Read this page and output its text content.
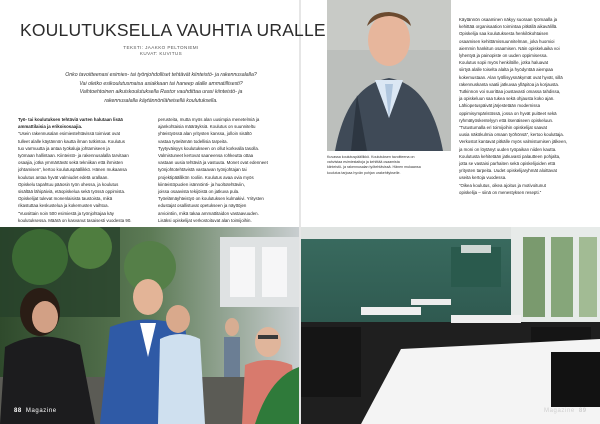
KOULUTUKSELLA VAUHTIA URALLE
TEKSTI: JAAKKO PELTONIEMI
KUVAT: KUVITUS
Onko tavoitteenasi esimies- tai työnjohdolliset tehtävät kiinteistö- ja rakennusalalla?
Vai oletko esikoulutusmaisa asiakkaan tai haneep alalle ammatillisesti?
Vaihtoehtoinen aikuiskoulutuksella Rastor vauhdittaa urasi kiinteistö- ja
rakennusalalla käytännönläheisellä koulutuksella.
Työ- tai koulutuksen tehtäviä varten halutaan lisää
ammattilaisia ja erikoisosaajia.
”Usein rakennusalan esimiestehtävissä toimivat ovat
tulleet alalle käytännön kautta ilman tutkintoa. Koulutus
tuo varmuutta ja antaa työkaluja johtamiseen ja
työmaan hallintaan. Kiinteistö- ja rakennusalalla tarvitaan
osaajia, jotka ymmärtävät sekä tekniikan että ihmisten
johtamisen”, kertoo koulutuspäällikkö. Hänen mukaansa
koulutus antaa hyvät valmiudet edetä urallaan.
Opiskelu tapahtuu pääosin työn ohessa, ja koulutus
sisältää lähipäiviä, etäopiskelua sekä työssä oppimista.
Opiskelijat tulevat monenlaisista taustoista, mikä
rikastuttaa keskustelua ja kokemusten vaihtoa.
”Vuosittain noin 500 esimiestä ja työnjohtajaa käy
koulutuksessa. Määrä on kasvanut tasaisesti vuodesta 90.
perusteita, mutta myös alan uusimpia menetelmiä ja
ajankohtaisia määräyksiä. Koulutus on suunniteltu
yhteistyössä alan yritysten kanssa, jolloin sisältö
vastaa työelämän todellisia tarpeita.
Tyytyväisyys koulutukseen on ollut korkealla tasolla.
Valmistuneet kertovat saaneensa rohkeutta ottaa
vastaan uusia tehtäviä ja vastuuta. Monet ovat edenneet
työnjohtotehtävistä vastaavan työnjohtajan tai
projektipäällikön rooliin. Koulutus avaa ovia myös
kiinteistöpuolen isännöinti- ja huoltotehtäviin,
joissa osaavista tekijöistä on jatkuva pula.
Työelämäyhteistyö on koulutuksen kulmakivi. Yritysten
edustajat osallistuvat opetukseen ja näyttöjen
arviointiin, mikä takaa ammattitaidon vastaavuuden.
Lisäksi opiskelijat verkostoituvat alan toimijoihin.
88 Magazine
Kuvassa koulutuspäällikkö. Koulutuksen tavoitteena on
vahvistaa esimiestaitoja ja kehittää osaamista
kiinteistö- ja rakennusalan työtehtävissä. Hänen mukaansa
koulutus tarjoaa hyvän pohjan urakehitykselle.
Käytännön osaaminen näkyy suoraan työmaalla ja
kehittää organisaation toimintaa pitkällä aikavälillä.
Opiskelija saa koulutuksesta henkilökohtaisen
osaamisen kehittämissuunnitelman, joka huomioi
aiemmin hankitun osaamisen. Näin opiskeluaika voi
lyhentyä ja painopiste on uuden oppimisessa.
Koulutus sopii myös henkilöille, jotka haluavat
siirtyä alalle toiselta alalta ja hyödyntää aiempaa
kokemustaan. Alan työllisyysnäkymät ovat hyvät, sillä
rakennuskanta vaatii jatkuvaa ylläpitoa ja korjausta.
Tutkinnon voi suorittaa joustavasti omassa tahdissa,
ja opiskeluun saa tukea sekä ohjausta koko ajan.
Lähiopetuspäivät järjestetään modernissa
oppimisympäristössä, jossa on hyvät puitteet sekä
ryhmätyöskentelyyn että itsenäiseen opiskeluun.
”Tutustumalla eri toimijoihin opiskelijat saavat
uusia näkökulmia omaan työhönsä”, kertoo kouluttaja.
Verkostot kantavat pitkälle myös valmistumisen jälkeen,
ja moni on löytänyt uuden työpaikan niiden kautta.
Koulutusta kehitetään jatkuvasti palautteen pohjalta,
jotta se vastaisi parhaiten sekä opiskelijoiden että
yritysten tarpeita. Uudet opiskelijaryhmät aloittavat
useita kertoja vuodessa.
”Oikea koulutus, oikea ajoitus ja motivoitunut
opiskelija – siinä on menestyksen resepti.”
Magazine 89
